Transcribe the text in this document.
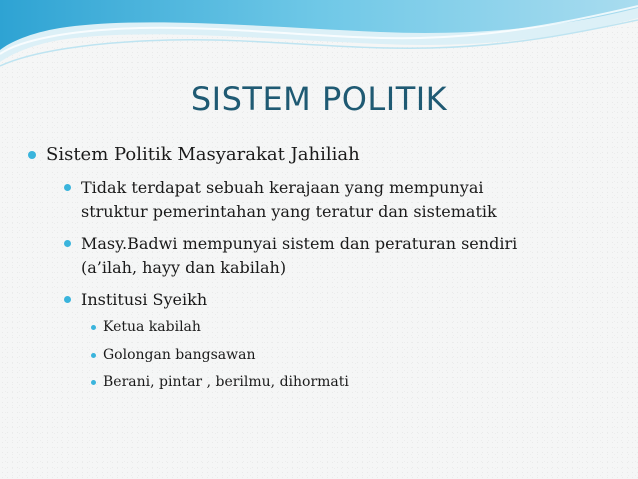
SISTEM POLITIK
Sistem Politik Masyarakat Jahiliah
Tidak terdapat sebuah kerajaan yang mempunyai
struktur pemerintahan yang teratur dan sistematik
Masy.Badwi mempunyai sistem dan peraturan sendiri
(a’ilah, hayy dan kabilah)
Institusi Syeikh
Ketua kabilah
Golongan bangsawan
Berani, pintar , berilmu, dihormati
